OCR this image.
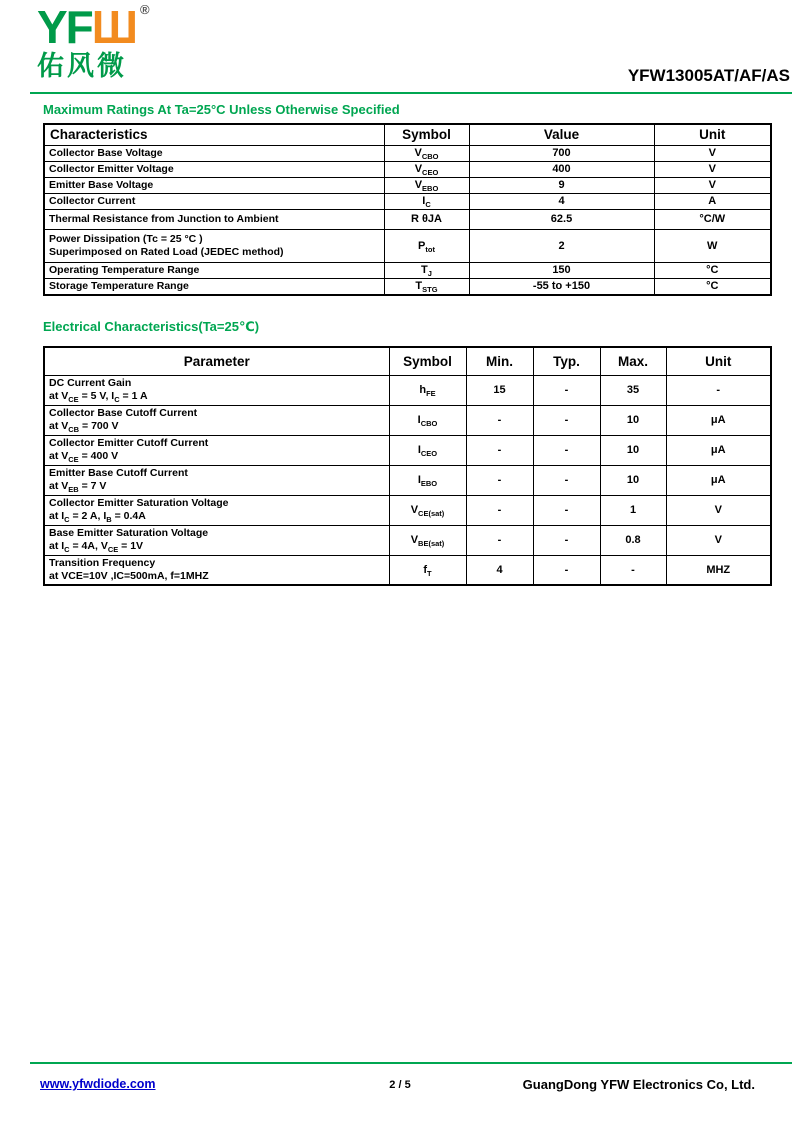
YFШ ®
佑风微	YFW13005AT/AF/AS
Maximum Ratings At Ta=25°C Unless Otherwise Specified
Characteristics	Symbol	Value	Unit

Collector Base Voltage	$V_{CBO}$	700	V

Collector Emitter Voltage	$V_{CEO}$	400	V

Emitter Base Voltage	$V_{EBO}$	9	V

Collector Current	$I_C$	4	A

Thermal Resistance from Junction to Ambient	R θJA	62.5	°C/W

Power Dissipation (Tc = 25 °C )
Superimposed on Rated Load (JEDEC method)	$P_{tot}$	2	W

Operating Temperature Range	$T_J$	150	°C

Storage Temperature Range	$T_{STG}$	-55 to +150	°C
Electrical Characteristics(Ta=25℃)
Parameter	Symbol	Min.	Typ.	Max.	Unit

DC Current Gain
at $V_{CE} = 5$ V, $I_C = 1$ A	$h_{FE}$	15	-	35	-

Collector Base Cutoff Current
at $V_{CB} = 700$ V	$I_{CBO}$	-	-	10	μA

Collector Emitter Cutoff Current
at $V_{CE} = 400$ V	$I_{CEO}$	-	-	10	μA

Emitter Base Cutoff Current
at $V_{EB} = 7$ V	$I_{EBO}$	-	-	10	μA

Collector Emitter Saturation Voltage
at $I_C = 2$ A, $I_B = 0.4A$	$V_{CE(sat)}$	-	-	1	V

Base Emitter Saturation Voltage
at $I_C = 4A$, $V_{CE} = 1V$	$V_{BE(sat)}$	-	-	0.8	V

Transition Frequency
at VCE=10V ,IC=500mA, f=1MHZ	$f_T$	4	-	-	MHZ
www.yfwdiode.com	2 / 5	GuangDong YFW Electronics Co, Ltd.
